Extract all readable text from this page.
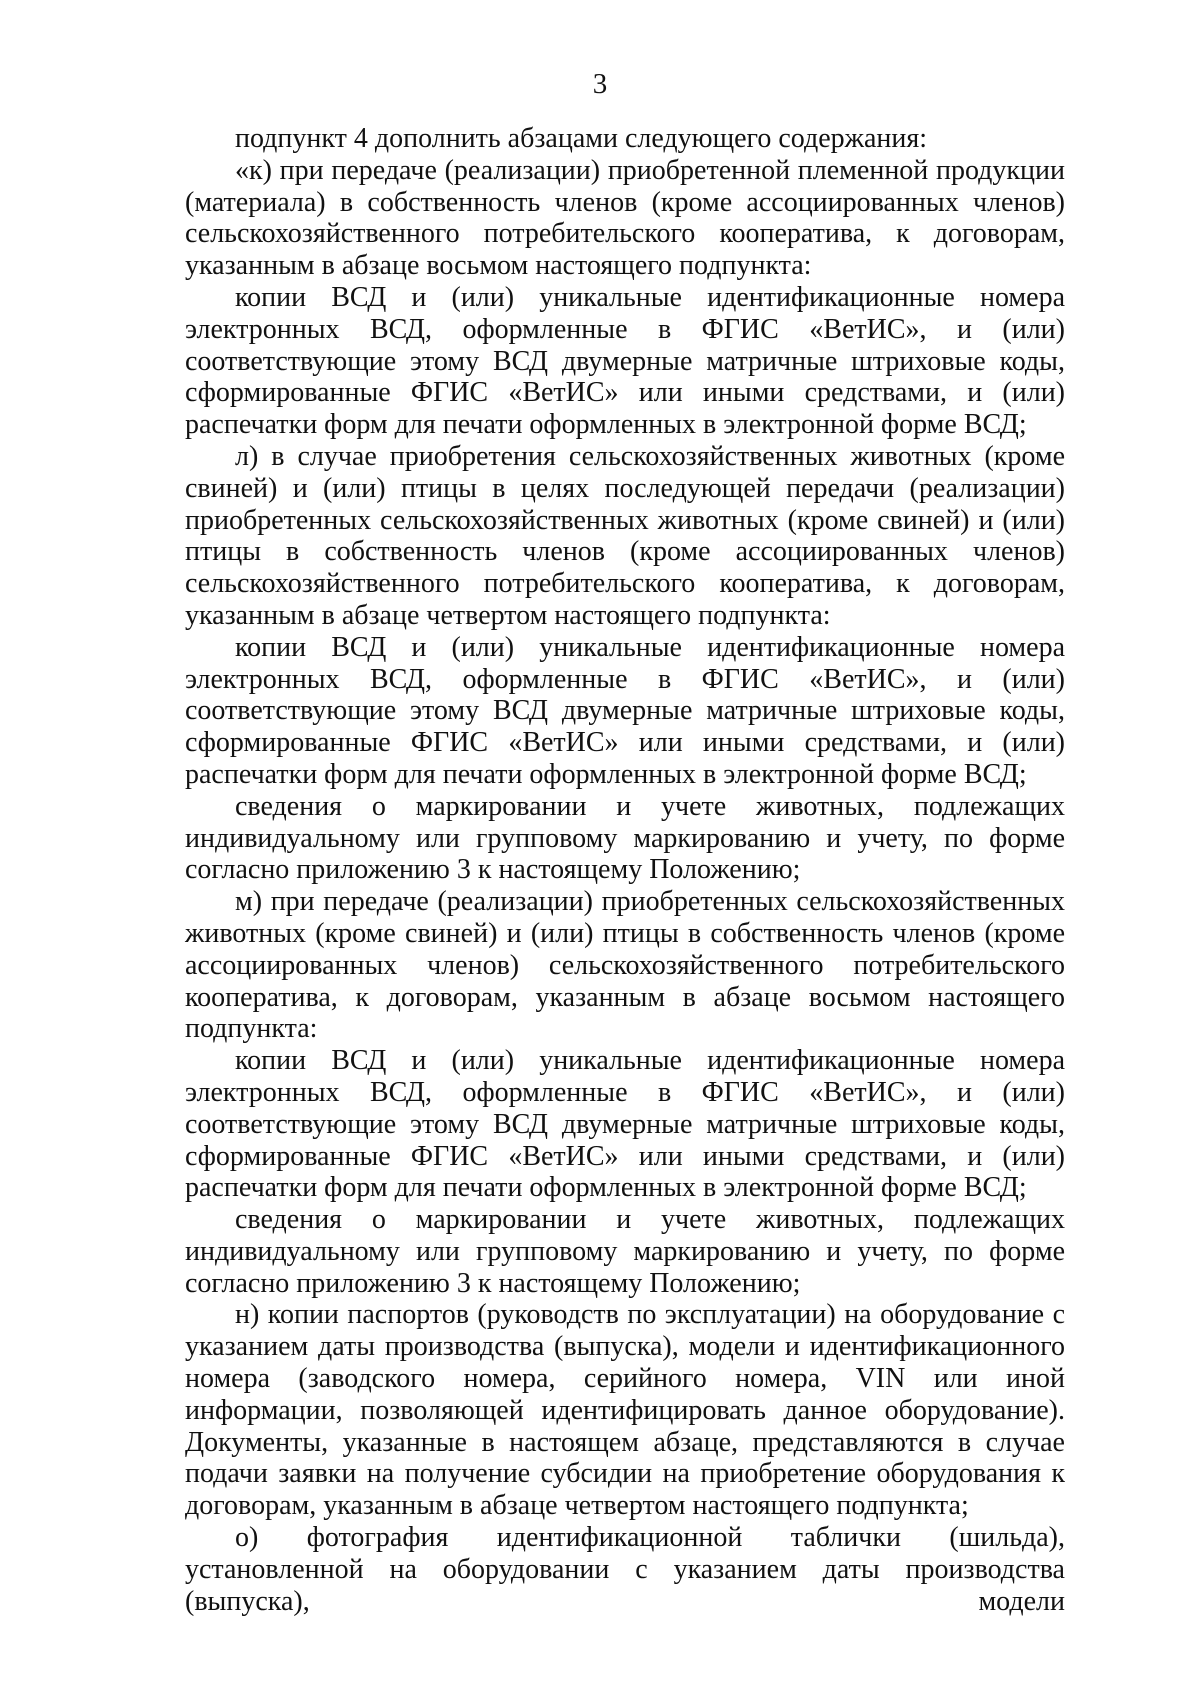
3

подпункт 4 дополнить абзацами следующего содержания:

«к) при передаче (реализации) приобретенной племенной продукции (материала) в собственность членов (кроме ассоциированных членов) сельскохозяйственного потребительского кооператива, к договорам, указанным в абзаце восьмом настоящего подпункта:

копии ВСД и (или) уникальные идентификационные номера электронных ВСД, оформленные в ФГИС «ВетИС», и (или) соответствующие этому ВСД двумерные матричные штриховые коды, сформированные ФГИС «ВетИС» или иными средствами, и (или) распечатки форм для печати оформленных в электронной форме ВСД;

л) в случае приобретения сельскохозяйственных животных (кроме свиней) и (или) птицы в целях последующей передачи (реализации) приобретенных сельскохозяйственных животных (кроме свиней) и (или) птицы в собственность членов (кроме ассоциированных членов) сельскохозяйственного потребительского кооператива, к договорам, указанным в абзаце четвертом настоящего подпункта:

копии ВСД и (или) уникальные идентификационные номера электронных ВСД, оформленные в ФГИС «ВетИС», и (или) соответствующие этому ВСД двумерные матричные штриховые коды, сформированные ФГИС «ВетИС» или иными средствами, и (или) распечатки форм для печати оформленных в электронной форме ВСД;

сведения о маркировании и учете животных, подлежащих индивидуальному или групповому маркированию и учету, по форме согласно приложению 3 к настоящему Положению;

м) при передаче (реализации) приобретенных сельскохозяйственных животных (кроме свиней) и (или) птицы в собственность членов (кроме ассоциированных членов) сельскохозяйственного потребительского кооператива, к договорам, указанным в абзаце восьмом настоящего подпункта:

копии ВСД и (или) уникальные идентификационные номера электронных ВСД, оформленные в ФГИС «ВетИС», и (или) соответствующие этому ВСД двумерные матричные штриховые коды, сформированные ФГИС «ВетИС» или иными средствами, и (или) распечатки форм для печати оформленных в электронной форме ВСД;

сведения о маркировании и учете животных, подлежащих индивидуальному или групповому маркированию и учету, по форме согласно приложению 3 к настоящему Положению;

н) копии паспортов (руководств по эксплуатации) на оборудование с указанием даты производства (выпуска), модели и идентификационного номера (заводского номера, серийного номера, VIN или иной информации, позволяющей идентифицировать данное оборудование). Документы, указанные в настоящем абзаце, представляются в случае подачи заявки на получение субсидии на приобретение оборудования к договорам, указанным в абзаце четвертом настоящего подпункта;

о) фотография идентификационной таблички (шильда), установленной на оборудовании с указанием даты производства (выпуска), модели
